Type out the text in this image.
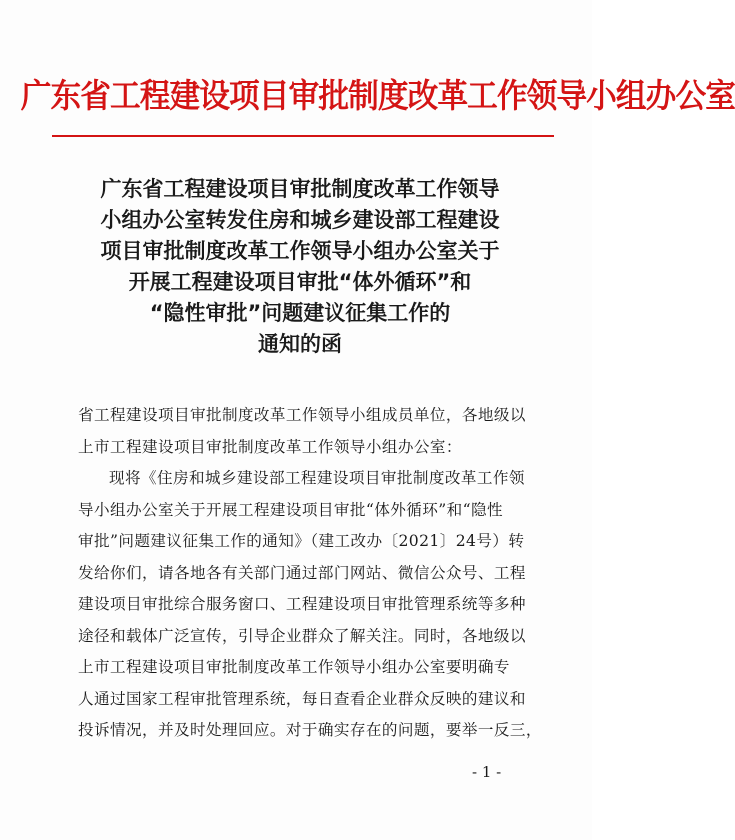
广东省工程建设项目审批制度改革工作领导小组办公室
广东省工程建设项目审批制度改革工作领导
小组办公室转发住房和城乡建设部工程建设
项目审批制度改革工作领导小组办公室关于
开展工程建设项目审批“体外循环”和
“隐性审批”问题建议征集工作的
通知的函
省工程建设项目审批制度改革工作领导小组成员单位，各地级以
上市工程建设项目审批制度改革工作领导小组办公室：
现将《住房和城乡建设部工程建设项目审批制度改革工作领
导小组办公室关于开展工程建设项目审批“体外循环”和“隐性
审批”问题建议征集工作的通知》（建工改办〔2021〕24号）转
发给你们，请各地各有关部门通过部门网站、微信公众号、工程
建设项目审批综合服务窗口、工程建设项目审批管理系统等多种
途径和载体广泛宣传，引导企业群众了解关注。同时，各地级以
上市工程建设项目审批制度改革工作领导小组办公室要明确专
人通过国家工程审批管理系统，每日查看企业群众反映的建议和
投诉情况，并及时处理回应。对于确实存在的问题，要举一反三，
- 1 -
